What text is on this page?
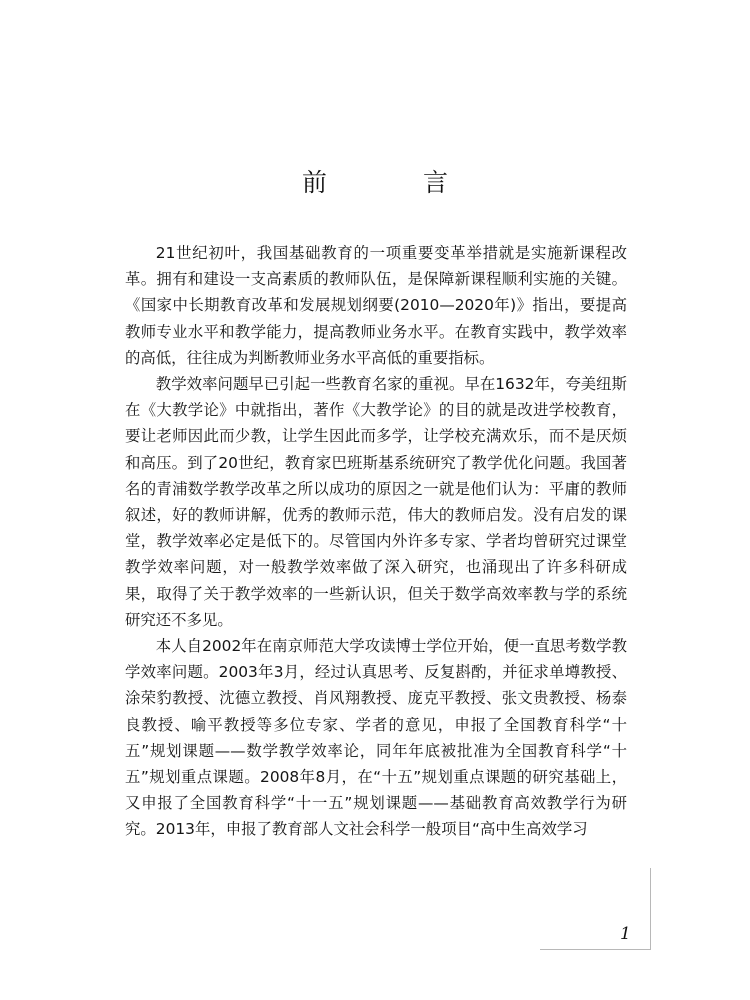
前 言

21世纪初叶，我国基础教育的一项重要变革举措就是实施新课程改革。拥有和建设一支高素质的教师队伍，是保障新课程顺利实施的关键。《国家中长期教育改革和发展规划纲要(2010—2020年)》指出，要提高教师专业水平和教学能力，提高教师业务水平。在教育实践中，教学效率的高低，往往成为判断教师业务水平高低的重要指标。

教学效率问题早已引起一些教育名家的重视。早在1632年，夸美纽斯在《大教学论》中就指出，著作《大教学论》的目的就是改进学校教育，要让老师因此而少教，让学生因此而多学，让学校充满欢乐，而不是厌烦和高压。到了20世纪，教育家巴班斯基系统研究了教学优化问题。我国著名的青浦数学教学改革之所以成功的原因之一就是他们认为：平庸的教师叙述，好的教师讲解，优秀的教师示范，伟大的教师启发。没有启发的课堂，教学效率必定是低下的。尽管国内外许多专家、学者均曾研究过课堂教学效率问题，对一般教学效率做了深入研究，也涌现出了许多科研成果，取得了关于教学效率的一些新认识，但关于数学高效率教与学的系统研究还不多见。

本人自2002年在南京师范大学攻读博士学位开始，便一直思考数学教学效率问题。2003年3月，经过认真思考、反复斟酌，并征求单墫教授、涂荣豹教授、沈德立教授、肖风翔教授、庞克平教授、张文贵教授、杨泰良教授、喻平教授等多位专家、学者的意见，申报了全国教育科学“十五”规划课题——数学教学效率论，同年年底被批准为全国教育科学“十五”规划重点课题。2008年8月，在“十五”规划重点课题的研究基础上，又申报了全国教育科学“十一五”规划课题——基础教育高效教学行为研究。2013年，申报了教育部人文社会科学一般项目“高中生高效学习

1
